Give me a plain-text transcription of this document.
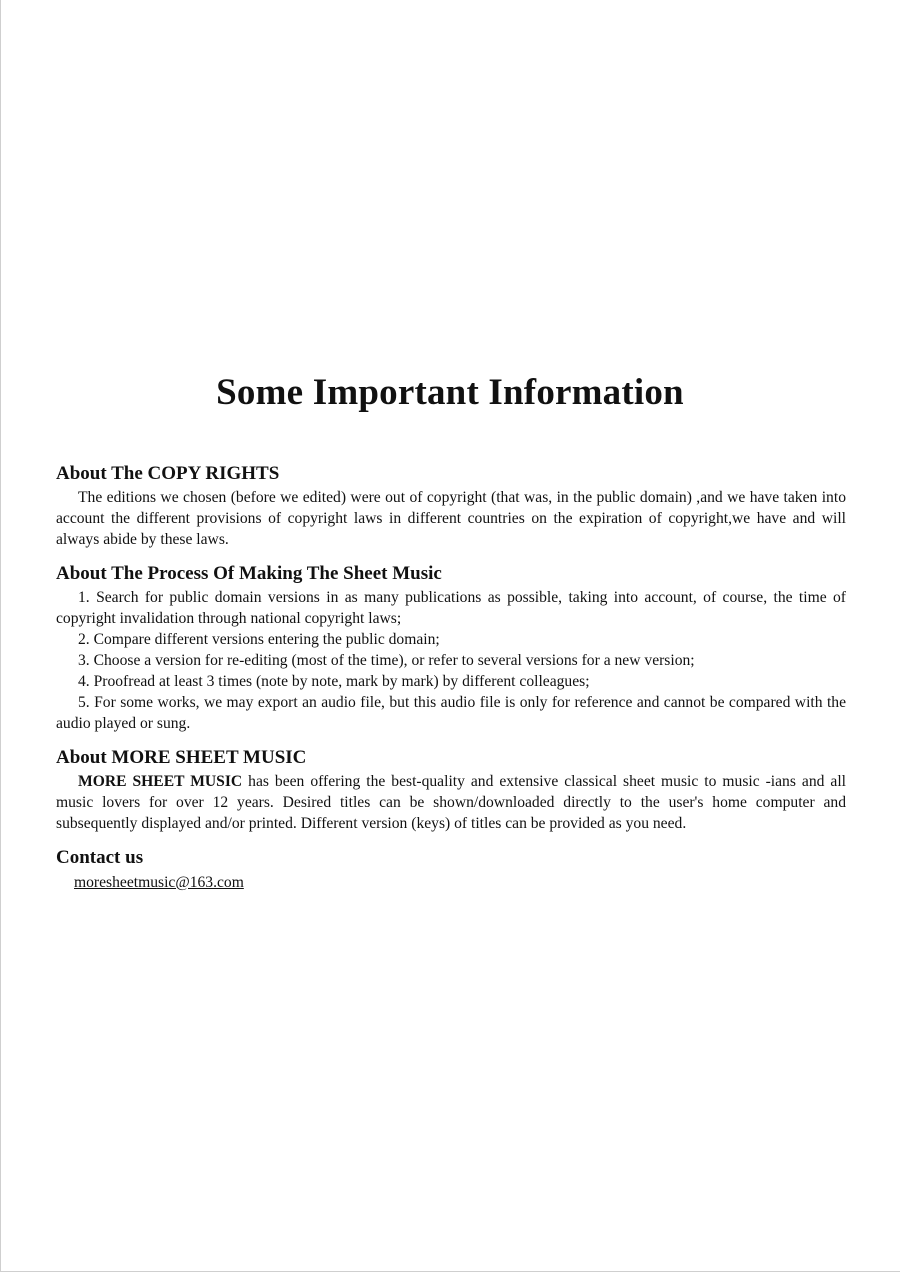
Some Important Information
About The COPY RIGHTS

The editions we chosen (before we edited) were out of copyright (that was, in the public domain) ,and we have taken into account the different provisions of copyright laws in different countries on the expiration of copyright,we have and will always abide by these laws.

About The Process Of Making The Sheet Music

1. Search for public domain versions in as many publications as possible, taking into account, of course, the time of copyright invalidation through national copyright laws;

2. Compare different versions entering the public domain;

3. Choose a version for re-editing (most of the time), or refer to several versions for a new version;

4. Proofread at least 3 times (note by note, mark by mark) by different colleagues;

5. For some works, we may export an audio file, but this audio file is only for reference and cannot be compared with the audio played or sung.

About MORE SHEET MUSIC

MORE SHEET MUSIC has been offering the best-quality and extensive classical sheet music to music -ians and all music lovers for over 12 years. Desired titles can be shown/downloaded directly to the user's home computer and subsequently displayed and/or printed. Different version (keys) of titles can be provided as you need.

Contact us
moresheetmusic@163.com
